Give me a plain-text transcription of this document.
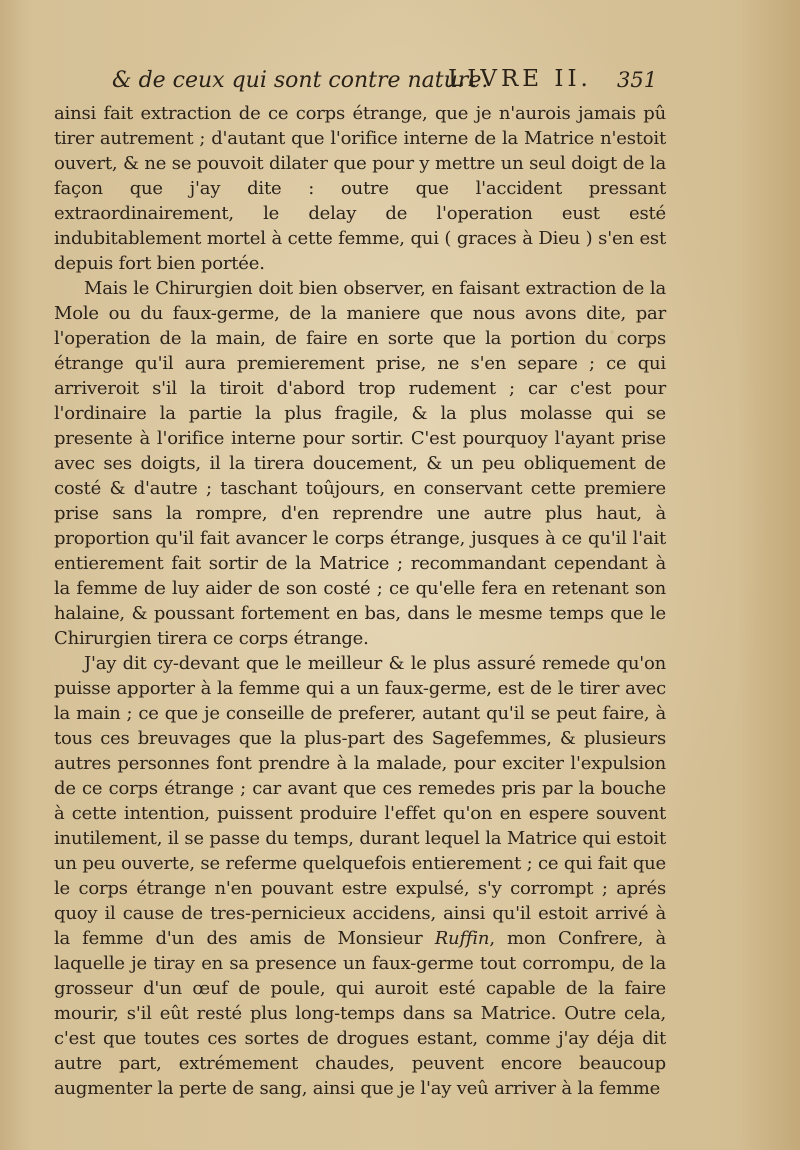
& de ceux qui sont contre nature.
LIVRE II. 351

ainsi fait extraction de ce corps étrange, que je n'aurois jamais pû tirer autrement ; d'autant que l'orifice interne de la Matrice n'estoit ouvert, & ne se pouvoit dilater que pour y mettre un seul doigt de la façon que j'ay dite : outre que l'accident pressant extraordinairement, le delay de l'operation eust esté indubitablement mortel à cette femme, qui ( graces à Dieu ) s'en est depuis fort bien portée.

Mais le Chirurgien doit bien observer, en faisant extraction de la Mole ou du faux-germe, de la maniere que nous avons dite, par l'operation de la main, de faire en sorte que la portion du corps étrange qu'il aura premierement prise, ne s'en separe ; ce qui arriveroit s'il la tiroit d'abord trop rudement ; car c'est pour l'ordinaire la partie la plus fragile, & la plus molasse qui se presente à l'orifice interne pour sortir. C'est pourquoy l'ayant prise avec ses doigts, il la tirera doucement, & un peu obliquement de costé & d'autre ; taschant toûjours, en conservant cette premiere prise sans la rompre, d'en reprendre une autre plus haut, à proportion qu'il fait avancer le corps étrange, jusques à ce qu'il l'ait entierement fait sortir de la Matrice ; recommandant cependant à la femme de luy aider de son costé ; ce qu'elle fera en retenant son halaine, & poussant fortement en bas, dans le mesme temps que le Chirurgien tirera ce corps étrange.

J'ay dit cy-devant que le meilleur & le plus assuré remede qu'on puisse apporter à la femme qui a un faux-germe, est de le tirer avec la main ; ce que je conseille de preferer, autant qu'il se peut faire, à tous ces breuvages que la plus-part des Sagefemmes, & plusieurs autres personnes font prendre à la malade, pour exciter l'expulsion de ce corps étrange ; car avant que ces remedes pris par la bouche à cette intention, puissent produire l'effet qu'on en espere souvent inutilement, il se passe du temps, durant lequel la Matrice qui estoit un peu ouverte, se referme quelquefois entierement ; ce qui fait que le corps étrange n'en pouvant estre expulsé, s'y corrompt ; aprés quoy il cause de tres-pernicieux accidens, ainsi qu'il estoit arrivé à la femme d'un des amis de Monsieur Ruffin, mon Confrere, à laquelle je tiray en sa presence un faux-germe tout corrompu, de la grosseur d'un œuf de poule, qui auroit esté capable de la faire mourir, s'il eût resté plus long-temps dans sa Matrice. Outre cela, c'est que toutes ces sortes de drogues estant, comme j'ay déja dit autre part, extrémement chaudes, peuvent encore beaucoup augmenter la perte de sang, ainsi que je l'ay veû arriver à la femme
